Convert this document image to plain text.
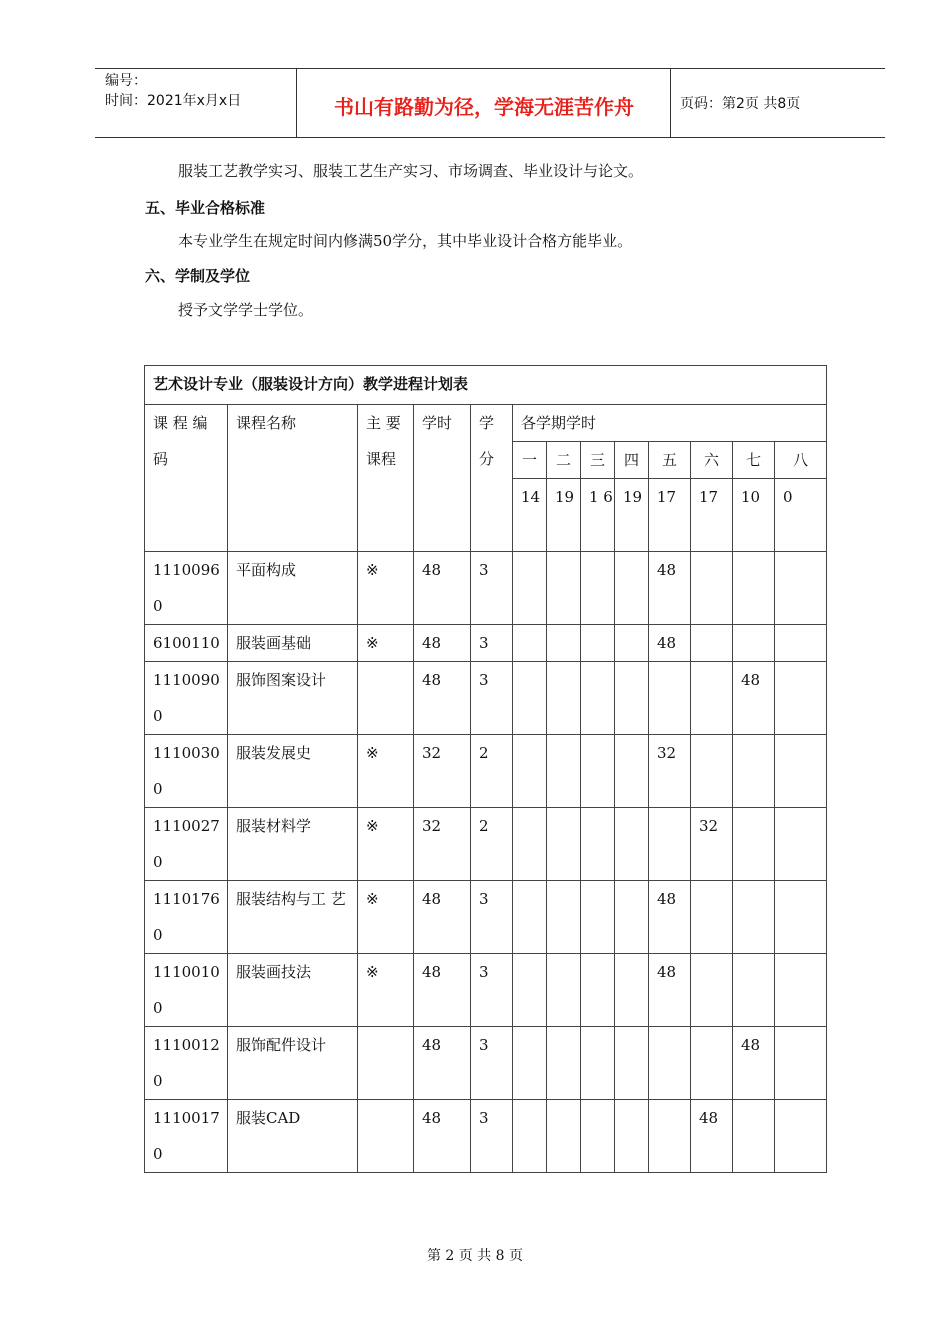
编号：
时间：2021年x月x日	书山有路勤为径，学海无涯苦作舟	页码：第2页 共8页
服装工艺教学实习、服装工艺生产实习、市场调查、毕业设计与论文。
五、毕业合格标准
本专业学生在规定时间内修满50学分，其中毕业设计合格方能毕业。
六、学制及学位
授予文学学士学位。
艺术设计专业（服装设计方向）教学进程计划表												
课 程 编 码	课程名称	主 要 课程	学时	学 分	各学期学时							
					一	二	三	四	五	六	七	八
					14	19	1 6	19	17	17	10	0
1110096 0	平面构成	※	48	3					48			
6100110	服装画基础	※	48	3					48			
1110090 0	服饰图案设计		48	3							48	
1110030 0	服装发展史	※	32	2					32			
1110027 0	服装材料学	※	32	2						32		
1110176 0	服装结构与工 艺	※	48	3					48			
1110010 0	服装画技法	※	48	3					48			
1110012 0	服饰配件设计		48	3							48	
1110017 0	服装CAD		48	3						48		
第 2 页 共 8 页
